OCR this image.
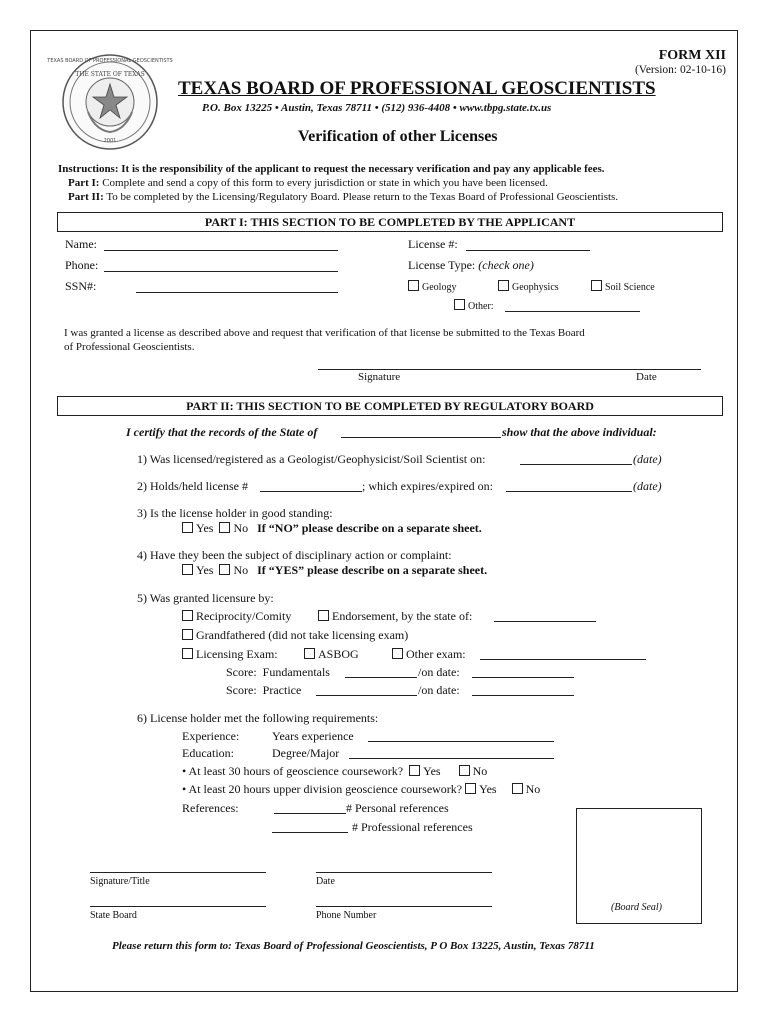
TEXAS BOARD OF PROFESSIONAL GEOSCIENTISTS
THE STATE OF TEXAS
2001
FORM XII
(Version: 02-10-16)
TEXAS BOARD OF PROFESSIONAL GEOSCIENTISTS
P.O. Box 13225 • Austin, Texas 78711 • (512) 936-4408 • www.tbpg.state.tx.us
Verification of other Licenses
Instructions: It is the responsibility of the applicant to request the necessary verification and pay any applicable fees.
Part I: Complete and send a copy of this form to every jurisdiction or state in which you have been licensed.
Part II: To be completed by the Licensing/Regulatory Board. Please return to the Texas Board of Professional Geoscientists.
PART I: THIS SECTION TO BE COMPLETED BY THE APPLICANT
Name:
Phone:
SSN#:
License #:
License Type: (check one)
Geology	Geophysics	Soil Science
Other:
I was granted a license as described above and request that verification of that license be submitted to the Texas Board
of Professional Geoscientists.
Signature	Date
PART II: THIS SECTION TO BE COMPLETED BY REGULATORY BOARD
I certify that the records of the State of	show that the above individual:
1) Was licensed/registered as a Geologist/Geophysicist/Soil Scientist on:	(date)
2) Holds/held license #	; which expires/expired on:	(date)
3) Is the license holder in good standing:
Yes No If “NO” please describe on a separate sheet.
4) Have they been the subject of disciplinary action or complaint:
Yes No If “YES” please describe on a separate sheet.
5) Was granted licensure by:
Reciprocity/Comity	Endorsement, by the state of:
Grandfathered (did not take licensing exam)
Licensing Exam:	ASBOG	Other exam:
Score: Fundamentals	/on date:
Score: Practice	/on date:
6) License holder met the following requirements:
Experience:	Years experience
Education:	Degree/Major
• At least 30 hours of geoscience coursework? Yes	No
• At least 20 hours upper division geoscience coursework? Yes No
References:	# Personal references
# Professional references
(Board Seal)
Signature/Title	Date
State Board	Phone Number
Please return this form to: Texas Board of Professional Geoscientists, P O Box 13225, Austin, Texas 78711
